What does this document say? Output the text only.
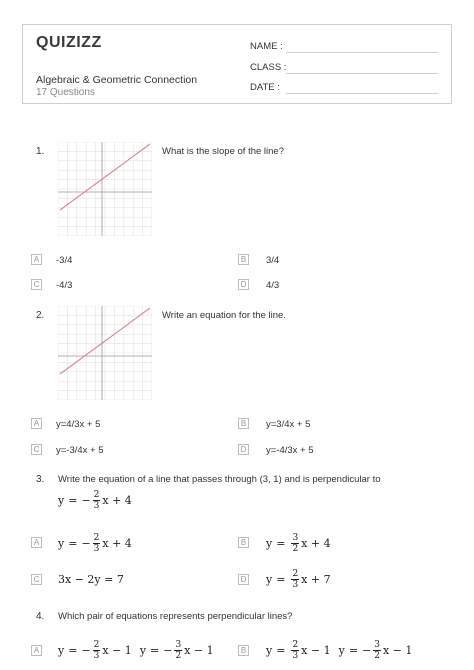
QUIZIZZ
Algebraic & Geometric Connection
17 Questions
NAME :
CLASS :
DATE :
1.	What is the slope of the line?
A -3/4	B 3/4
C -4/3	D 4/3
2.	Write an equation for the line.
A y=4/3x + 5	B y=3/4x + 5
C y=-3/4x + 5	D y=-4/3x + 5
3. Write the equation of a line that passes through (3, 1) and is perpendicular to
y = − $\frac{2}{3}$ x + 4
A y = − $\frac{2}{3}$ x + 4	B $y = \frac{3}{2}$ x + 4
C 3x − 2y = 7	D $y = \frac{2}{3}$ x + 7
4. Which pair of equations represents perpendicular lines?
A y = − $\frac{2}{3}$ x − 1 y = − $\frac{3}{2}$ x − 1	B $y = \frac{2}{3}$ x − 1 y = − $\frac{3}{2}$ x − 1
